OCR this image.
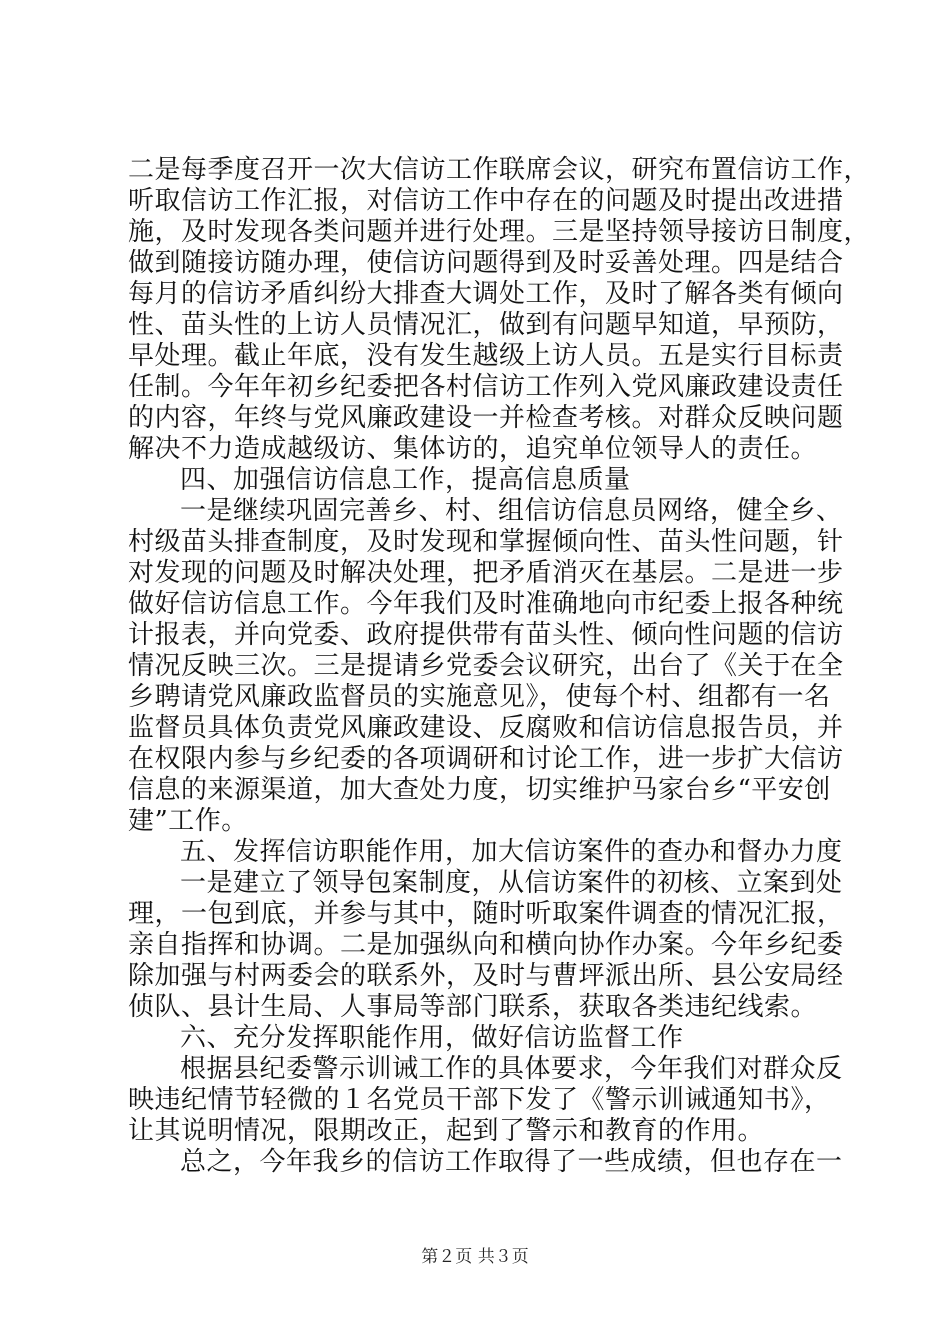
二是每季度召开一次大信访工作联席会议，研究布置信访工作，
听取信访工作汇报，对信访工作中存在的问题及时提出改进措
施，及时发现各类问题并进行处理。三是坚持领导接访日制度，
做到随接访随办理，使信访问题得到及时妥善处理。四是结合
每月的信访矛盾纠纷大排查大调处工作，及时了解各类有倾向
性、苗头性的上访人员情况汇，做到有问题早知道，早预防，
早处理。截止年底，没有发生越级上访人员。五是实行目标责
任制。今年年初乡纪委把各村信访工作列入党风廉政建设责任
的内容，年终与党风廉政建设一并检查考核。对群众反映问题
解决不力造成越级访、集体访的，追究单位领导人的责任。
四、加强信访信息工作，提高信息质量
一是继续巩固完善乡、村、组信访信息员网络，健全乡、
村级苗头排查制度，及时发现和掌握倾向性、苗头性问题，针
对发现的问题及时解决处理，把矛盾消灭在基层。二是进一步
做好信访信息工作。今年我们及时准确地向市纪委上报各种统
计报表，并向党委、政府提供带有苗头性、倾向性问题的信访
情况反映三次。三是提请乡党委会议研究，出台了《关于在全
乡聘请党风廉政监督员的实施意见》，使每个村、组都有一名
监督员具体负责党风廉政建设、反腐败和信访信息报告员，并
在权限内参与乡纪委的各项调研和讨论工作，进一步扩大信访
信息的来源渠道，加大查处力度，切实维护马家台乡“平安创
建”工作。
五、发挥信访职能作用，加大信访案件的查办和督办力度
一是建立了领导包案制度，从信访案件的初核、立案到处
理，一包到底，并参与其中，随时听取案件调查的情况汇报，
亲自指挥和协调。二是加强纵向和横向协作办案。今年乡纪委
除加强与村两委会的联系外，及时与曹坪派出所、县公安局经
侦队、县计生局、人事局等部门联系，获取各类违纪线索。
六、充分发挥职能作用，做好信访监督工作
根据县纪委警示训诫工作的具体要求，今年我们对群众反
映违纪情节轻微的１名党员干部下发了《警示训诫通知书》，
让其说明情况，限期改正，起到了警示和教育的作用。
总之，今年我乡的信访工作取得了一些成绩，但也存在一
第２页 共３页
